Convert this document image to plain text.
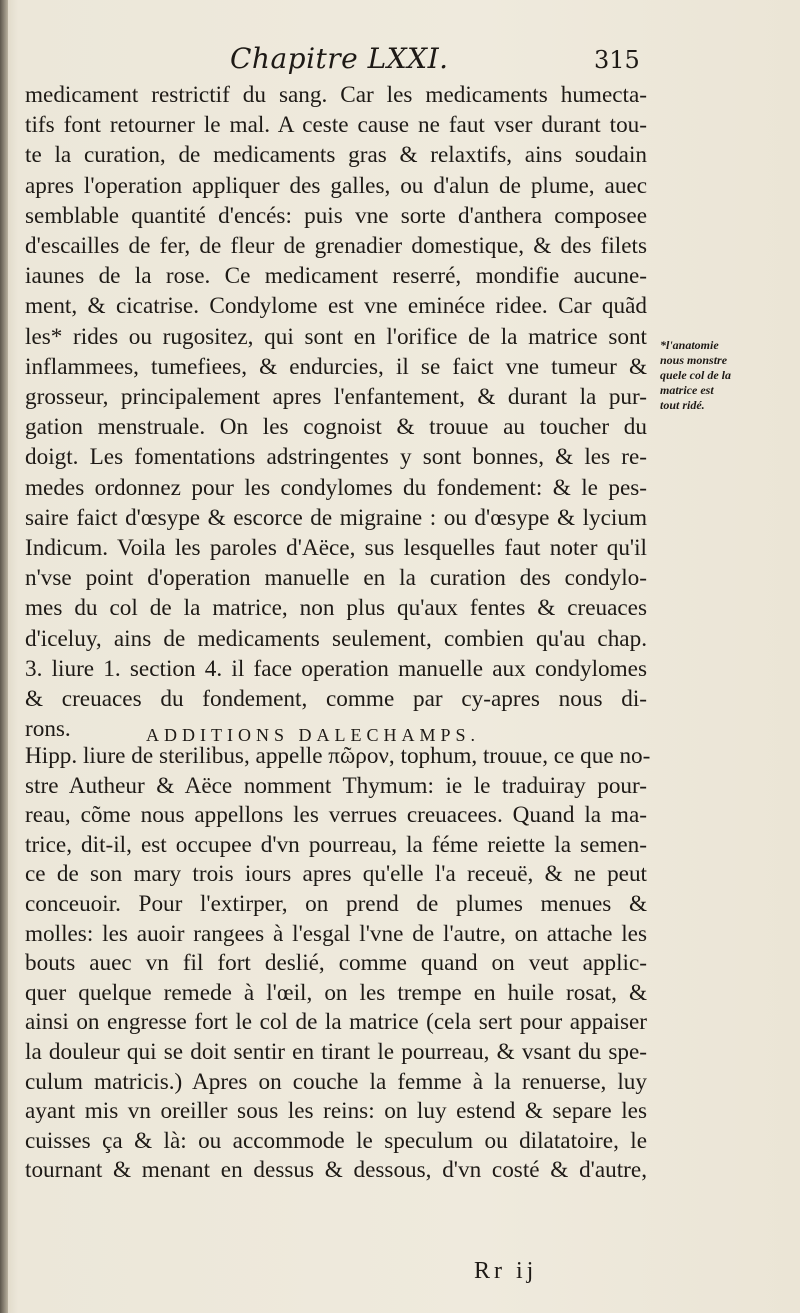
Chapitre LXXI.	315
medicament restrictif du sang. Car les medicaments humecta-
tifs font retourner le mal. A ceste cause ne faut vser durant tou-
te la curation, de medicaments gras & relaxtifs, ains soudain
apres l'operation appliquer des galles, ou d'alun de plume, auec
semblable quantité d'encés: puis vne sorte d'anthera composee
d'escailles de fer, de fleur de grenadier domestique, & des filets
iaunes de la rose. Ce medicament reserré, mondifie aucune-
ment, & cicatrise. Condylome est vne eminéce ridee. Car quãd
les* rides ou rugositez, qui sont en l'orifice de la matrice sont
inflammees, tumefiees, & endurcies, il se faict vne tumeur &
grosseur, principalement apres l'enfantement, & durant la pur-
gation menstruale. On les cognoist & trouue au toucher du
doigt. Les fomentations adstringentes y sont bonnes, & les re-
medes ordonnez pour les condylomes du fondement: & le pes-
saire faict d'œsype & escorce de migraine : ou d'œsype & lycium
Indicum. Voila les paroles d'Aëce, sus lesquelles faut noter qu'il
n'vse point d'operation manuelle en la curation des condylo-
mes du col de la matrice, non plus qu'aux fentes & creuaces
d'iceluy, ains de medicaments seulement, combien qu'au chap.
3. liure 1. section 4. il face operation manuelle aux condylomes
& creuaces du fondement, comme par cy-apres nous di-
rons.
*l'anatomie
nous monstre
quele col de la
matrice est
tout ridé.
ADDITIONS DALECHAMPS.
Hipp. liure de sterilibus, appelle πῶρον, tophum, trouue, ce que no-
stre Autheur & Aëce nomment Thymum: ie le traduiray pour-
reau, cõme nous appellons les verrues creuacees. Quand la ma-
trice, dit-il, est occupee d'vn pourreau, la féme reiette la semen-
ce de son mary trois iours apres qu'elle l'a receuë, & ne peut
conceuoir. Pour l'extirper, on prend de plumes menues &
molles: les auoir rangees à l'esgal l'vne de l'autre, on attache les
bouts auec vn fil fort deslié, comme quand on veut applic-
quer quelque remede à l'œil, on les trempe en huile rosat, &
ainsi on engresse fort le col de la matrice (cela sert pour appaiser
la douleur qui se doit sentir en tirant le pourreau, & vsant du spe-
culum matricis.) Apres on couche la femme à la renuerse, luy
ayant mis vn oreiller sous les reins: on luy estend & separe les
cuisses ça & là: ou accommode le speculum ou dilatatoire, le
tournant & menant en dessus & dessous, d'vn costé & d'autre,
Rr ij
